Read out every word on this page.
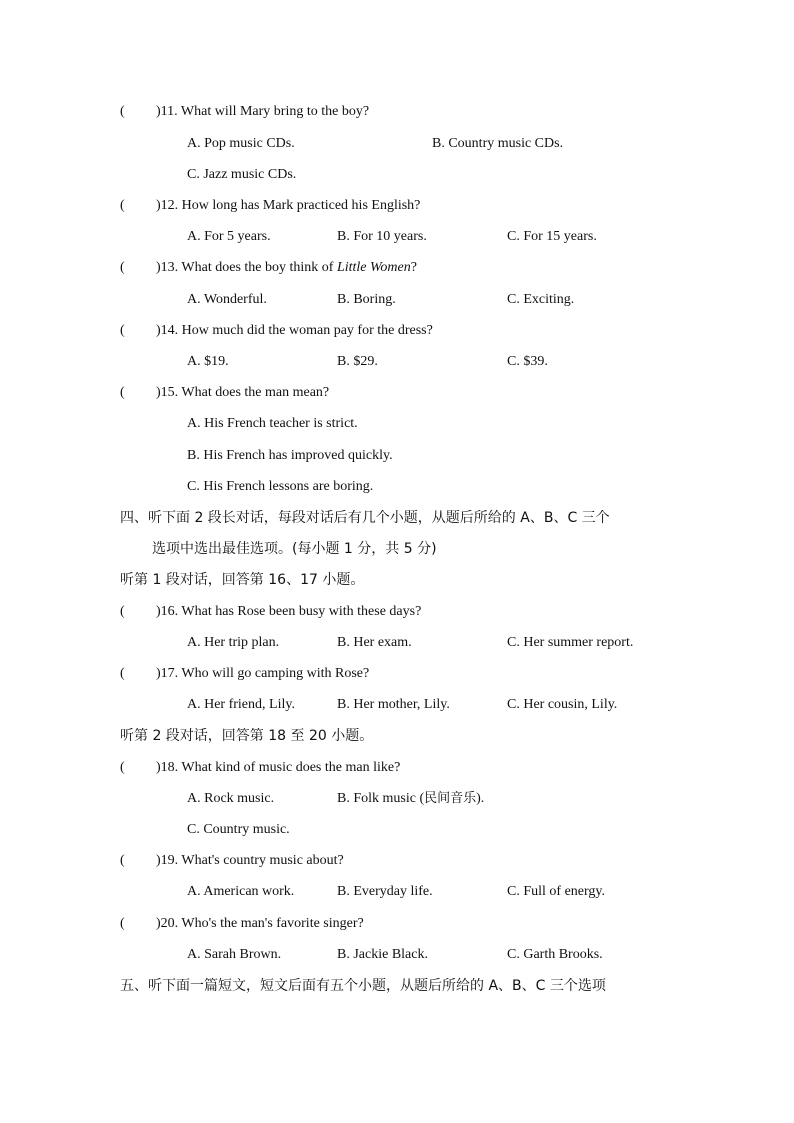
( )11. What will Mary bring to the boy?
A. Pop music CDs.	B. Country music CDs.
C. Jazz music CDs.
( )12. How long has Mark practiced his English?
A. For 5 years.	B. For 10 years.	C. For 15 years.
( )13. What does the boy think of Little Women?
A. Wonderful.	B. Boring.	C. Exciting.
( )14. How much did the woman pay for the dress?
A. $19.	B. $29.	C. $39.
( )15. What does the man mean?
A. His French teacher is strict.
B. His French has improved quickly.
C. His French lessons are boring.
四、听下面 2 段长对话，每段对话后有几个小题，从题后所给的 A、B、C 三个
选项中选出最佳选项。(每小题 1 分，共 5 分)
听第 1 段对话，回答第 16、17 小题。
( )16. What has Rose been busy with these days?
A. Her trip plan.	B. Her exam.	C. Her summer report.
( )17. Who will go camping with Rose?
A. Her friend, Lily.	B. Her mother, Lily.	C. Her cousin, Lily.
听第 2 段对话，回答第 18 至 20 小题。
( )18. What kind of music does the man like?
A. Rock music.	B. Folk music (民间音乐).
C. Country music.
( )19. What's country music about?
A. American work.	B. Everyday life.	C. Full of energy.
( )20. Who's the man's favorite singer?
A. Sarah Brown.	B. Jackie Black.	C. Garth Brooks.
五、听下面一篇短文，短文后面有五个小题，从题后所给的 A、B、C 三个选项
